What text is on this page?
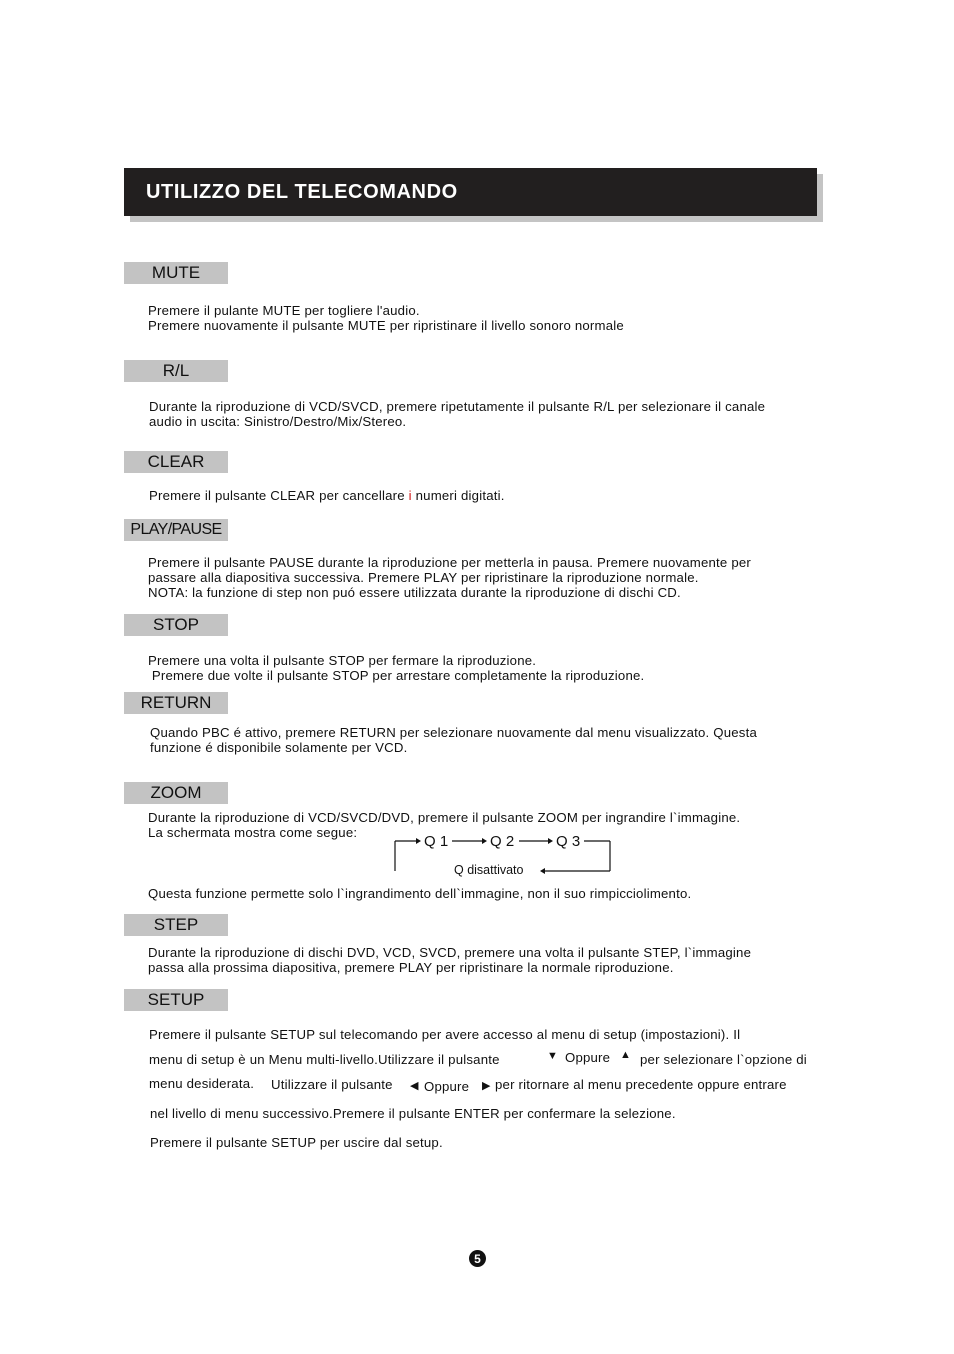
UTILIZZO DEL TELECOMANDO
MUTE
Premere il pulante MUTE per togliere l'audio.
Premere nuovamente il pulsante MUTE per ripristinare il livello sonoro normale
R/L
Durante la riproduzione di VCD/SVCD, premere ripetutamente il pulsante R/L per selezionare il canale
audio in uscita: Sinistro/Destro/Mix/Stereo.
CLEAR
Premere il pulsante CLEAR per cancellare i numeri digitati.
PLAY/PAUSE
Premere il pulsante PAUSE durante la riproduzione per metterla in pausa. Premere nuovamente per
passare alla diapositiva successiva. Premere PLAY per ripristinare la riproduzione normale.
NOTA: la funzione di step non puó essere utilizzata durante la riproduzione di dischi CD.
STOP
Premere una volta il pulsante STOP per fermare la riproduzione.
Premere due volte il pulsante STOP per arrestare completamente la riproduzione.
RETURN
Quando PBC é attivo, premere RETURN per selezionare nuovamente dal menu visualizzato. Questa
funzione é disponibile solamente per VCD.
ZOOM
Durante la riproduzione di VCD/SVCD/DVD, premere il pulsante ZOOM per ingrandire l`immagine.
La schermata mostra come segue:
Q 1	Q 2	Q 3
Q disattivato
Questa funzione permette solo l`ingrandimento dell`immagine, non il suo rimpicciolimento.
STEP
Durante la riproduzione di dischi DVD, VCD, SVCD, premere una volta il pulsante STEP, l`immagine
passa alla prossima diapositiva, premere PLAY per ripristinare la normale riproduzione.
SETUP
Premere il pulsante SETUP sul telecomando per avere accesso al menu di setup (impostazioni). Il
menu di setup è un Menu multi-livello.Utilizzare il pulsante	▼ Oppure ▲ per selezionare l`opzione di
menu desiderata. Utilizzare il pulsante ◀ Oppure ▶ per ritornare al menu precedente oppure entrare
nel livello di menu successivo.Premere il pulsante ENTER per confermare la selezione.
Premere il pulsante SETUP per uscire dal setup.
5
